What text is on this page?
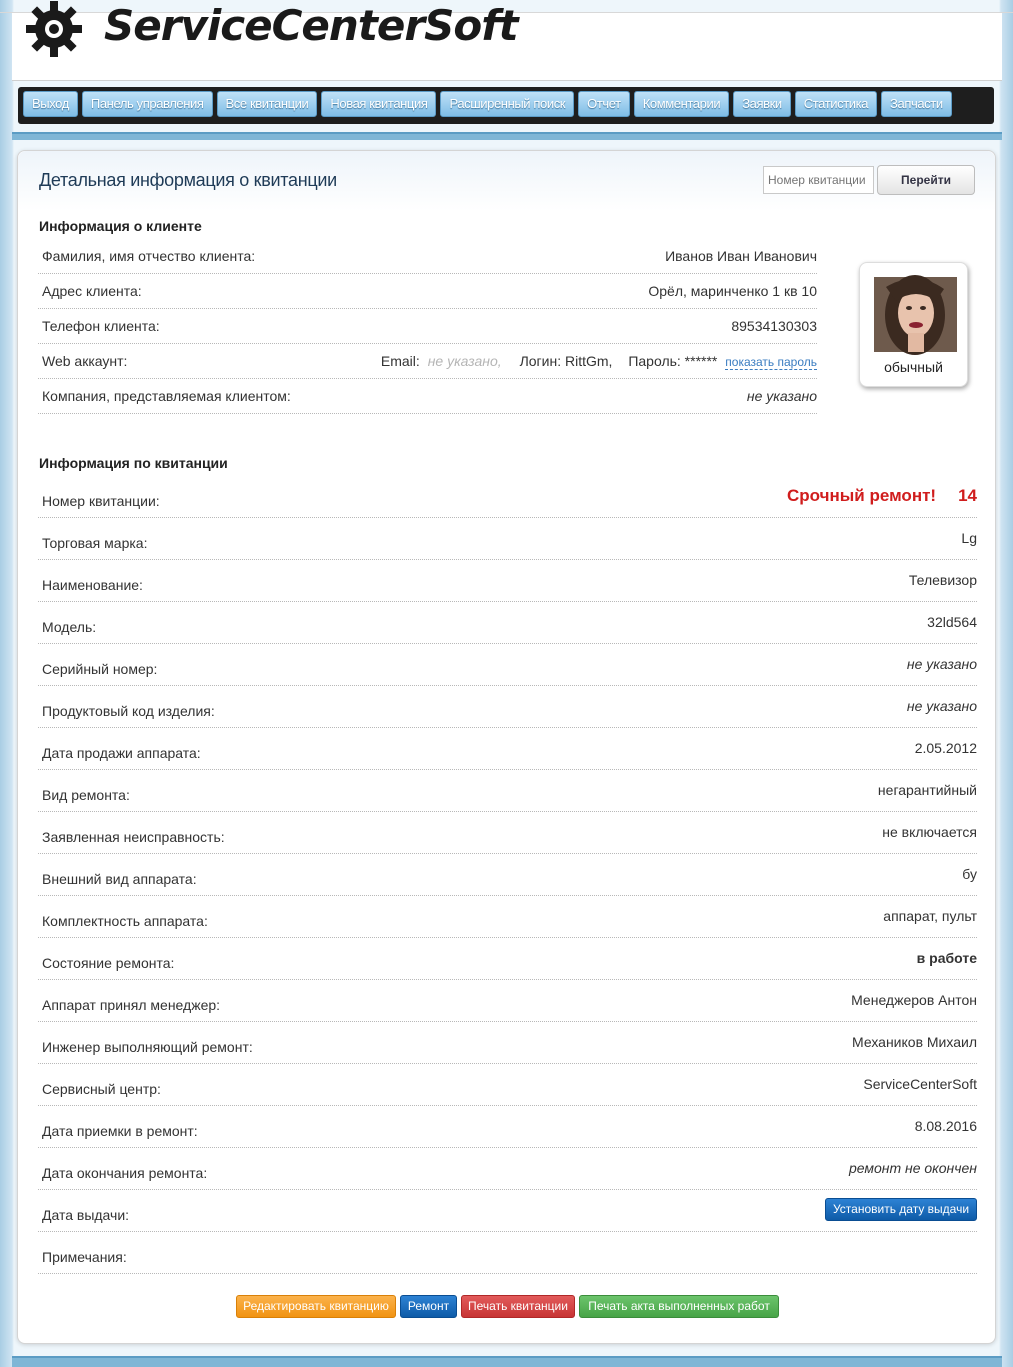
ServiceCenterSoft
Выход	Панель управления	Все квитанции	Новая квитанция	Расширенный поиск	Отчет	Комментарии	Заявки	Статистика	Запчасти
Детальная информация о квитанции
Номер квитанции	Перейти
Информация о клиенте
Фамилия, имя отчество клиента:	Иванов Иван Иванович
Адрес клиента:	Орёл, маринченко 1 кв 10
Телефон клиента:	89534130303
Web аккаунт:	Email: не указано, Логин: RittGm, Пароль: ****** показать пароль
Компания, представляемая клиентом:	не указано
обычный
Информация по квитанции
Номер квитанции:	Срочный ремонт! 14
Торговая марка:	Lg
Наименование:	Телевизор
Модель:	32ld564
Серийный номер:	не указано
Продуктовый код изделия:	не указано
Дата продажи аппарата:	2.05.2012
Вид ремонта:	негарантийный
Заявленная неисправность:	не включается
Внешний вид аппарата:	бу
Комплектность аппарата:	аппарат, пульт
Состояние ремонта:	в работе
Аппарат принял менеджер:	Менеджеров Антон
Инженер выполняющий ремонт:	Механиков Михаил
Сервисный центр:	ServiceCenterSoft
Дата приемки в ремонт:	8.08.2016
Дата окончания ремонта:	ремонт не окончен
Дата выдачи:	Установить дату выдачи
Примечания:
Редактировать квитанцию	Ремонт	Печать квитанции	Печать акта выполненных работ
